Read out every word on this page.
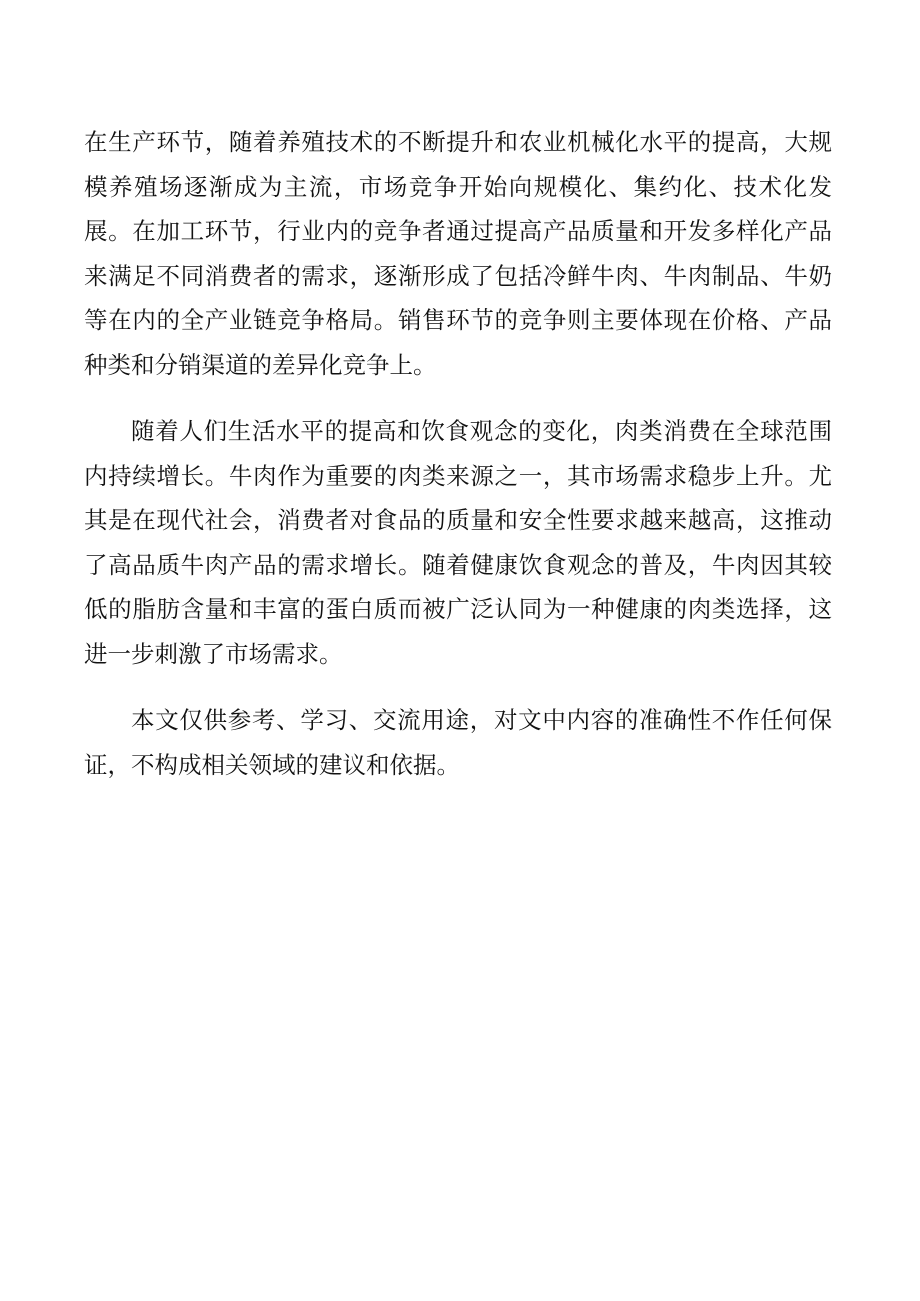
在生产环节，随着养殖技术的不断提升和农业机械化水平的提高，大规模养殖场逐渐成为主流，市场竞争开始向规模化、集约化、技术化发展。在加工环节，行业内的竞争者通过提高产品质量和开发多样化产品来满足不同消费者的需求，逐渐形成了包括冷鲜牛肉、牛肉制品、牛奶等在内的全产业链竞争格局。销售环节的竞争则主要体现在价格、产品种类和分销渠道的差异化竞争上。

随着人们生活水平的提高和饮食观念的变化，肉类消费在全球范围内持续增长。牛肉作为重要的肉类来源之一，其市场需求稳步上升。尤其是在现代社会，消费者对食品的质量和安全性要求越来越高，这推动了高品质牛肉产品的需求增长。随着健康饮食观念的普及，牛肉因其较低的脂肪含量和丰富的蛋白质而被广泛认同为一种健康的肉类选择，这进一步刺激了市场需求。

本文仅供参考、学习、交流用途，对文中内容的准确性不作任何保证，不构成相关领域的建议和依据。
